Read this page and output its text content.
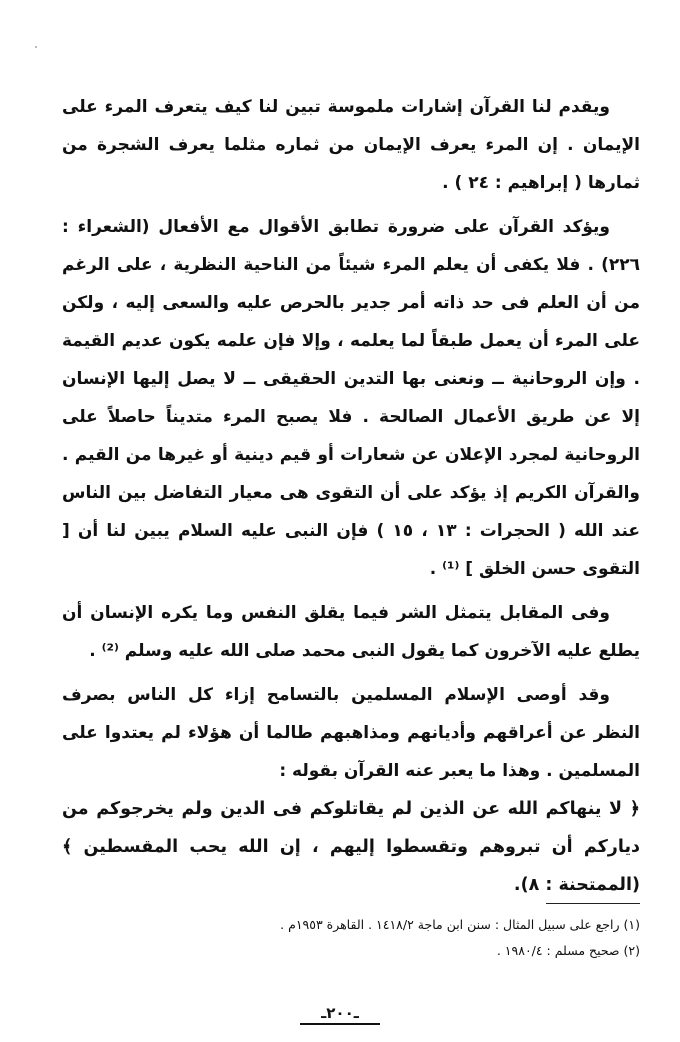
ويقدم لنا القرآن إشارات ملموسة تبين لنا كيف يتعرف المرء على الإيمان . إن المرء يعرف الإيمان من ثماره مثلما يعرف الشجرة من ثمارها ( إبراهيم : ٢٤ ) .

ويؤكد القرآن على ضرورة تطابق الأقوال مع الأفعال (الشعراء : ٢٢٦) . فلا يكفى أن يعلم المرء شيئاً من الناحية النظرية ، على الرغم من أن العلم فى حد ذاته أمر جدير بالحرص عليه والسعى إليه ، ولكن على المرء أن يعمل طبقاً لما يعلمه ، وإلا فإن علمه يكون عديم القيمة . وإن الروحانية ــ ونعنى بها التدين الحقيقى ــ لا يصل إليها الإنسان إلا عن طريق الأعمال الصالحة . فلا يصبح المرء متديناً حاصلاً على الروحانية لمجرد الإعلان عن شعارات أو قيم دينية أو غيرها من القيم . والقرآن الكريم إذ يؤكد على أن التقوى هى معيار التفاضل بين الناس عند الله ( الحجرات : ١٣ ، ١٥ ) فإن النبى عليه السلام يبين لنا أن [ التقوى حسن الخلق ] ⁽¹⁾ .

وفى المقابل يتمثل الشر فيما يقلق النفس وما يكره الإنسان أن يطلع عليه الآخرون كما يقول النبى محمد صلى الله عليه وسلم ⁽²⁾ .

وقد أوصى الإسلام المسلمين بالتسامح إزاء كل الناس بصرف النظر عن أعراقهم وأديانهم ومذاهبهم طالما أن هؤلاء لم يعتدوا على المسلمين . وهذا ما يعبر عنه القرآن بقوله :

﴿ لا ينهاكم الله عن الذين لم يقاتلوكم فى الدين ولم يخرجوكم من دياركم أن تبروهم وتقسطوا إليهم ، إن الله يحب المقسطين ﴾ (الممتحنة : ٨).

(١) راجع على سبيل المثال : سنن ابن ماجة ١٤١٨/٢ . القاهرة ١٩٥٣م .

(٢) صحيح مسلم : ١٩٨٠/٤ .

ـ٢٠٠ـ
